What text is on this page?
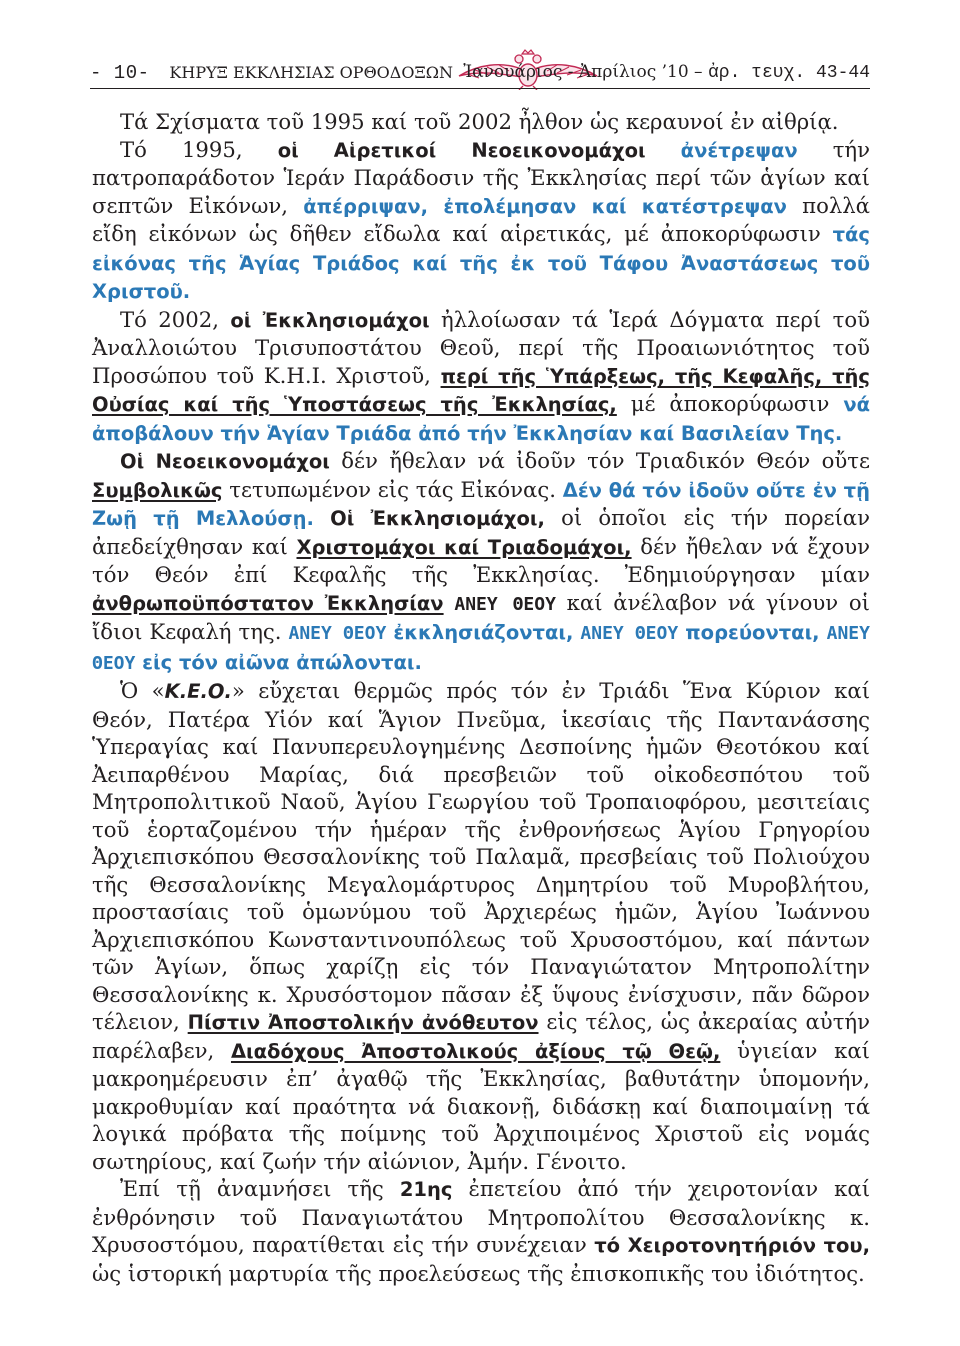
- 10- ΚΗΡΥΞ ΕΚΚΛΗΣΙΑΣ ΟΡΘΟΔΟΞΩΝ Ἰανουάριος - Ἀπρίλιος ’10 – ἀρ. τευχ. 43-44

Τά Σχίσματα τοῦ 1995 καί τοῦ 2002 ἦλθον ὡς κεραυνοί ἐν αἰθρίᾳ.

Τό 1995, οἱ Αἱρετικοί Νεοεικονομάχοι ἀνέτρεψαν τήν πατροπαράδοτον Ἱεράν Παράδοσιν τῆς Ἐκκλησίας περί τῶν ἁγίων καί σεπτῶν Εἰκόνων, ἀπέρριψαν, ἐπολέμησαν καί κατέστρεψαν πολλά εἴδη εἰκόνων ὡς δῆθεν εἴδωλα καί αἱρετικάς, μέ ἀποκορύφωσιν τάς εἰκόνας τῆς Ἁγίας Τριάδος καί τῆς ἐκ τοῦ Τάφου Ἀναστάσεως τοῦ Χριστοῦ.

Τό 2002, οἱ Ἐκκλησιομάχοι ἠλλοίωσαν τά Ἱερά Δόγματα περί τοῦ Ἀναλλοιώτου Τρισυποστάτου Θεοῦ, περί τῆς Προαιωνιότητος τοῦ Προσώπου τοῦ Κ.Η.Ι. Χριστοῦ, περί τῆς Ὑπάρξεως, τῆς Κεφαλῆς, τῆς Οὐσίας καί τῆς Ὑποστάσεως τῆς Ἐκκλησίας, μέ ἀποκορύφωσιν νά ἀποβάλουν τήν Ἁγίαν Τριάδα ἀπό τήν Ἐκκλησίαν καί Βασιλείαν Της.

Οἱ Νεοεικονομάχοι δέν ἤθελαν νά ἰδοῦν τόν Τριαδικόν Θεόν οὔτε Συμβολικῶς τετυπωμένον εἰς τάς Εἰκόνας. Δέν θά τόν ἰδοῦν οὔτε ἐν τῇ Ζωῇ τῇ Μελλούσῃ. Οἱ Ἐκκλησιομάχοι, οἱ ὁποῖοι εἰς τήν πορείαν ἀπεδείχθησαν καί Χριστομάχοι καί Τριαδομάχοι, δέν ἤθελαν νά ἔχουν τόν Θεόν ἐπί Κεφαλῆς τῆς Ἐκκλησίας. Ἐδημιούργησαν μίαν ἀνθρωποϋπόστατον Ἐκκλησίαν ΑΝΕΥ ΘΕΟΥ καί ἀνέλαβον νά γίνουν οἱ ἴδιοι Κεφαλή της. ΑΝΕΥ ΘΕΟΥ ἐκκλησιάζονται, ΑΝΕΥ ΘΕΟΥ πορεύονται, ΑΝΕΥ ΘΕΟΥ εἰς τόν αἰῶνα ἀπώλονται.

Ὁ «Κ.Ε.Ο.» εὔχεται θερμῶς πρός τόν ἐν Τριάδι Ἕνα Κύριον καί Θεόν, Πατέρα Υἱόν καί Ἅγιον Πνεῦμα, ἱκεσίαις τῆς Παντανάσσης Ὑπεραγίας καί Πανυπερευλογημένης Δεσποίνης ἡμῶν Θεοτόκου καί Ἀειπαρθένου Μαρίας, διά πρεσβειῶν τοῦ οἰκοδεσπότου τοῦ Μητροπολιτικοῦ Ναοῦ, Ἁγίου Γεωργίου τοῦ Τροπαιοφόρου, μεσιτείαις τοῦ ἑορταζομένου τήν ἡμέραν τῆς ἐνθρονήσεως Ἁγίου Γρηγορίου Ἀρχιεπισκόπου Θεσσαλονίκης τοῦ Παλαμᾶ, πρεσβείαις τοῦ Πολιούχου τῆς Θεσσαλονίκης Μεγαλομάρτυρος Δημητρίου τοῦ Μυροβλήτου, προστασίαις τοῦ ὁμωνύμου τοῦ Ἀρχιερέως ἡμῶν, Ἁγίου Ἰωάννου Ἀρχιεπισκόπου Κωνσταντινουπόλεως τοῦ Χρυσοστόμου, καί πάντων τῶν Ἁγίων, ὅπως χαρίζῃ εἰς τόν Παναγιώτατον Μητροπολίτην Θεσσαλονίκης κ. Χρυσόστομον πᾶσαν ἐξ ὕψους ἐνίσχυσιν, πᾶν δῶρον τέλειον, Πίστιν Ἀποστολικήν ἀνόθευτον εἰς τέλος, ὡς ἀκεραίας αὐτήν παρέλαβεν, Διαδόχους Ἀποστολικούς ἀξίους τῷ Θεῷ, ὑγιείαν καί μακροημέρευσιν ἐπ’ ἀγαθῷ τῆς Ἐκκλησίας, βαθυτάτην ὑπομονήν, μακροθυμίαν καί πραότητα νά διακονῇ, διδάσκῃ καί διαποιμαίνῃ τά λογικά πρόβατα τῆς ποίμνης τοῦ Ἀρχιποιμένος Χριστοῦ εἰς νομάς σωτηρίους, καί ζωήν τήν αἰώνιον, Ἀμήν. Γένοιτο.

Ἐπί τῇ ἀναμνήσει τῆς 21ης ἐπετείου ἀπό τήν χειροτονίαν καί ἐνθρόνησιν τοῦ Παναγιωτάτου Μητροπολίτου Θεσσαλονίκης κ. Χρυσοστόμου, παρατίθεται εἰς τήν συνέχειαν τό Χειροτονητήριόν του, ὡς ἱστορική μαρτυρία τῆς προελεύσεως τῆς ἐπισκοπικῆς του ἰδιότητος.
